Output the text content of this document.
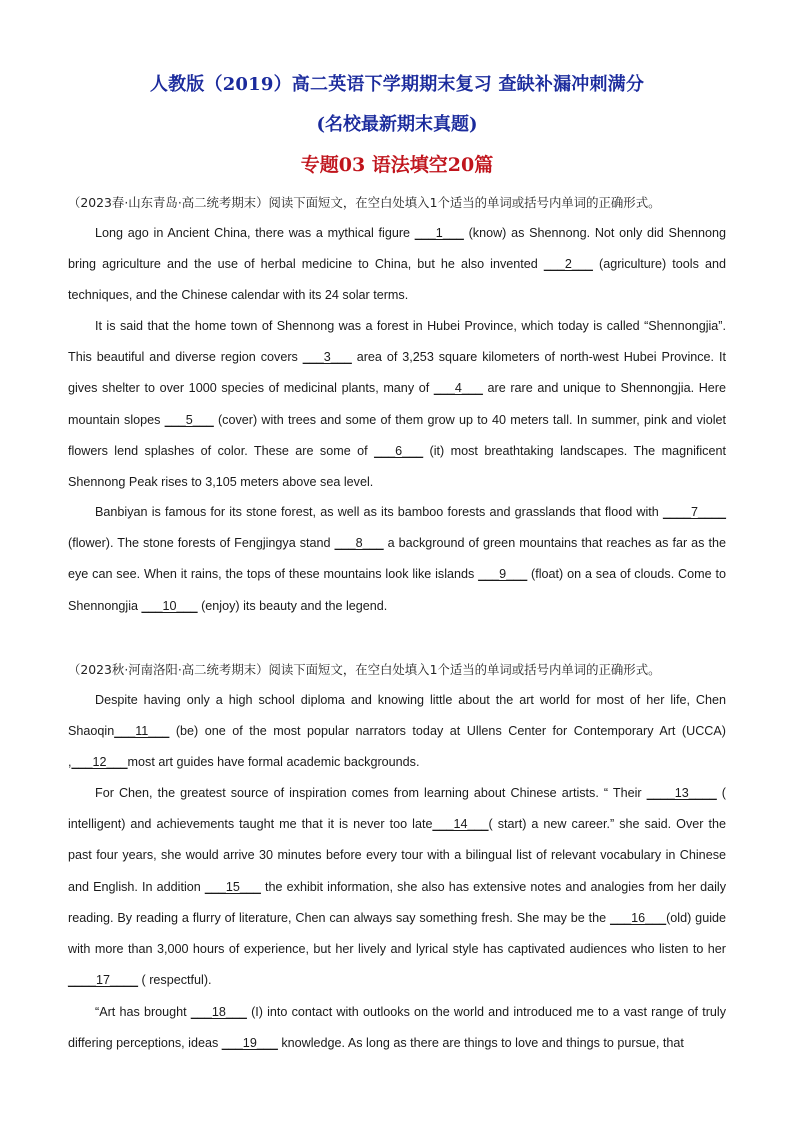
人教版（2019）高二英语下学期期末复习 查缺补漏冲刺满分
(名校最新期末真题)
专题03 语法填空20篇
（2023春·山东青岛·高二统考期末）阅读下面短文，在空白处填入1个适当的单词或括号内单词的正确形式。
Long ago in Ancient China, there was a mythical figure ___1___ (know) as Shennong. Not only did Shennong bring agriculture and the use of herbal medicine to China, but he also invented ___2___ (agriculture) tools and techniques, and the Chinese calendar with its 24 solar terms.
It is said that the home town of Shennong was a forest in Hubei Province, which today is called “Shennongjia”. This beautiful and diverse region covers ___3___ area of 3,253 square kilometers of north-west Hubei Province. It gives shelter to over 1000 species of medicinal plants, many of ___4___ are rare and unique to Shennongjia. Here mountain slopes ___5___ (cover) with trees and some of them grow up to 40 meters tall. In summer, pink and violet flowers lend splashes of color. These are some of ___6___ (it) most breathtaking landscapes. The magnificent Shennong Peak rises to 3,105 meters above sea level.
Banbiyan is famous for its stone forest, as well as its bamboo forests and grasslands that flood with ____7____ (flower). The stone forests of Fengjingya stand ___8___ a background of green mountains that reaches as far as the eye can see. When it rains, the tops of these mountains look like islands ___9___ (float) on a sea of clouds. Come to Shennongjia ___10___ (enjoy) its beauty and the legend.
（2023秋·河南洛阳·高二统考期末）阅读下面短文，在空白处填入1个适当的单词或括号内单词的正确形式。
Despite having only a high school diploma and knowing little about the art world for most of her life, Chen Shaoqin___11___ (be) one of the most popular narrators today at Ullens Center for Contemporary Art (UCCA) ,___12___most art guides have formal academic backgrounds.
For Chen, the greatest source of inspiration comes from learning about Chinese artists. “ Their ____13____ ( intelligent) and achievements taught me that it is never too late___14___( start) a new career.” she said. Over the past four years, she would arrive 30 minutes before every tour with a bilingual list of relevant vocabulary in Chinese and English. In addition ___15___ the exhibit information, she also has extensive notes and analogies from her daily reading. By reading a flurry of literature, Chen can always say something fresh. She may be the ___16___(old) guide with more than 3,000 hours of experience, but her lively and lyrical style has captivated audiences who listen to her ____17____ ( respectful).
“Art has brought ___18___ (I) into contact with outlooks on the world and introduced me to a vast range of truly differing perceptions, ideas ___19___ knowledge. As long as there are things to love and things to pursue, that
